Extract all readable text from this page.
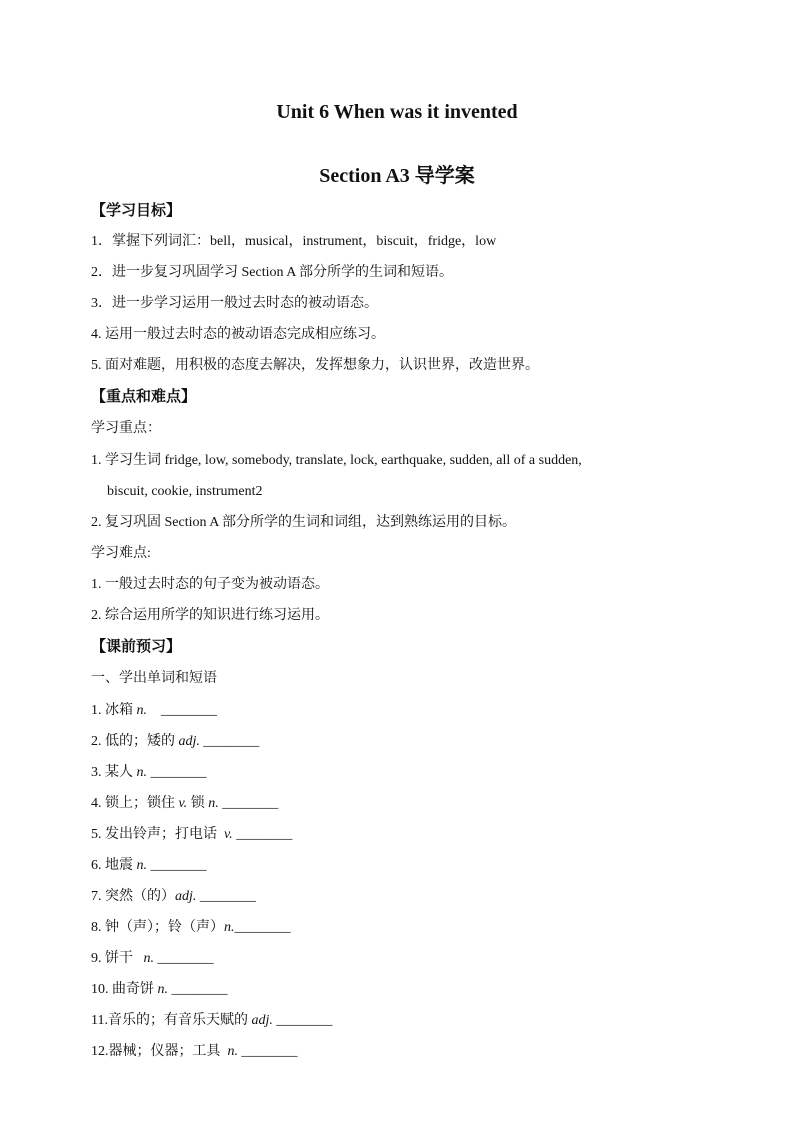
Unit 6 When was it invented
Section A3 导学案
【学习目标】
1．掌握下列词汇：bell，musical，instrument，biscuit，fridge，low
2．进一步复习巩固学习 Section A 部分所学的生词和短语。
3．进一步学习运用一般过去时态的被动语态。
4. 运用一般过去时态的被动语态完成相应练习。
5. 面对难题，用积极的态度去解决，发挥想象力，认识世界，改造世界。
【重点和难点】
学习重点：
1. 学习生词 fridge, low, somebody, translate, lock, earthquake, sudden, all of a sudden,
biscuit, cookie, instrument2
2. 复习巩固 Section A 部分所学的生词和词组，达到熟练运用的目标。
学习难点:
1. 一般过去时态的句子变为被动语态。
2. 综合运用所学的知识进行练习运用。
【课前预习】
一、学出单词和短语
1. 冰箱 n. ________
2. 低的；矮的 adj. ________
3. 某人 n. ________
4. 锁上；锁住 v. 锁 n. ________
5. 发出铃声；打电话  v. ________
6. 地震 n. ________
7. 突然（的）adj. ________
8. 钟（声）；铃（声）n.________
9. 饼干   n. ________
10. 曲奇饼 n. ________
11.音乐的；有音乐天赋的 adj. ________
12.器械；仪器；工具  n. ________
